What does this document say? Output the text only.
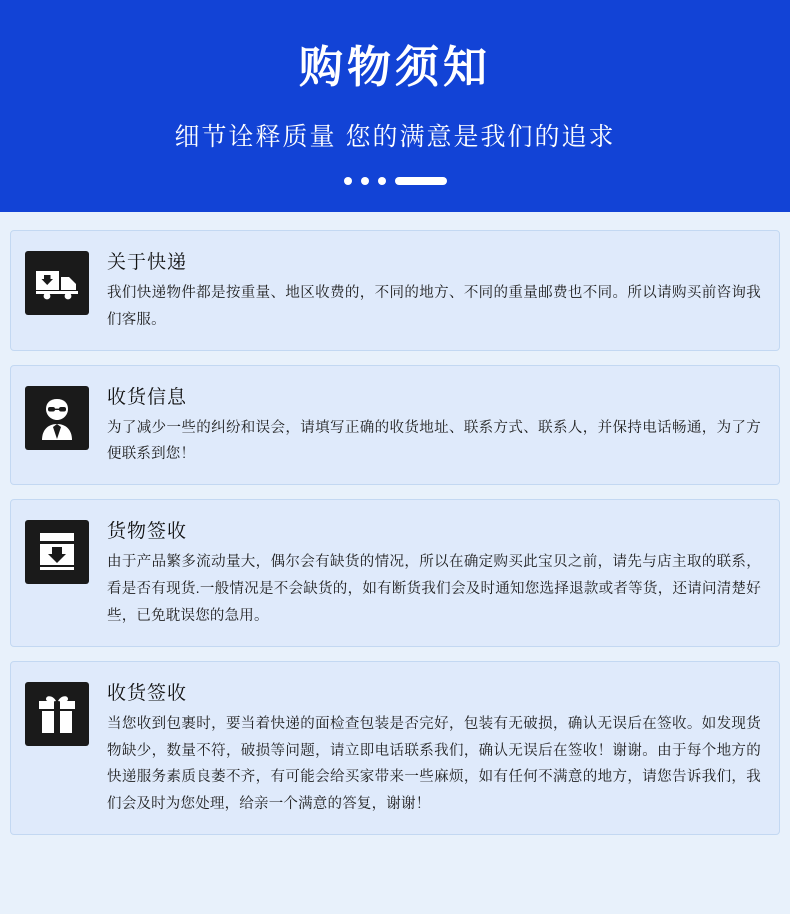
购物须知
细节诠释质量 您的满意是我们的追求
关于快递

我们快递物件都是按重量、地区收费的，不同的地方、不同的重量邮费也不同。所以请购买前咨询我们客服。

收货信息

为了减少一些的纠纷和误会，请填写正确的收货地址、联系方式、联系人，并保持电话畅通，为了方便联系到您！

货物签收

由于产品繁多流动量大，偶尔会有缺货的情况，所以在确定购买此宝贝之前，请先与店主取的联系，看是否有现货.一般情况是不会缺货的，如有断货我们会及时通知您选择退款或者等货，还请问清楚好些，已免耽误您的急用。

收货签收

当您收到包裹时，要当着快递的面检查包装是否完好，包装有无破损，确认无误后在签收。如发现货物缺少，数量不符，破损等问题，请立即电话联系我们，确认无误后在签收！谢谢。由于每个地方的快递服务素质良萎不齐，有可能会给买家带来一些麻烦，如有任何不满意的地方，请您告诉我们，我们会及时为您处理，给亲一个满意的答复，谢谢！
